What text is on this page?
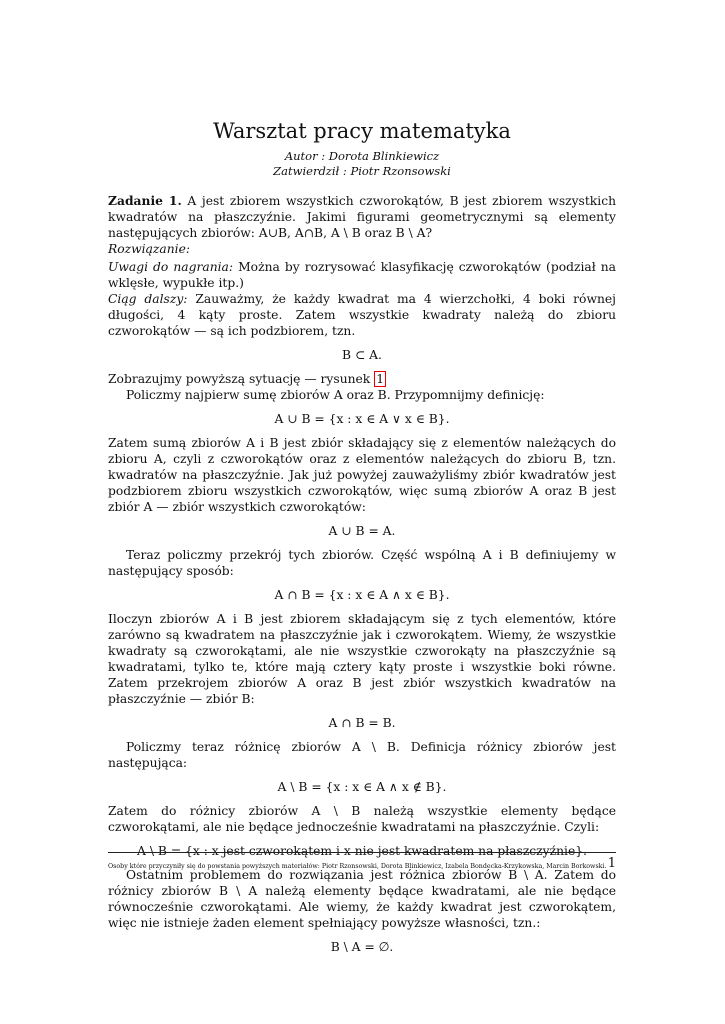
Warsztat pracy matematyka
Autor : Dorota Blinkiewicz
Zatwierdził : Piotr Rzonsowski

Zadanie 1. A jest zbiorem wszystkich czworokątów, B jest zbiorem wszystkich kwadratów na płaszczyźnie. Jakimi figurami geometrycznymi są elementy następujących zbiorów: A∪B, A∩B, A \ B oraz B \ A?

Rozwiązanie:

Uwagi do nagrania: Można by rozrysować klasyfikację czworokątów (podział na wklęsłe, wypukłe itp.)

Ciąg dalszy: Zauważmy, że każdy kwadrat ma 4 wierzchołki, 4 boki równej długości, 4 kąty proste. Zatem wszystkie kwadraty należą do zbioru czworokątów — są ich podzbiorem, tzn.

B ⊂ A.

Zobrazujmy powyższą sytuację — rysunek 1

Policzmy najpierw sumę zbiorów A oraz B. Przypomnijmy definicję:

A ∪ B = {x : x ∈ A ∨ x ∈ B}.

Zatem sumą zbiorów A i B jest zbiór składający się z elementów należących do zbioru A, czyli z czworokątów oraz z elementów należących do zbioru B, tzn. kwadratów na płaszczyźnie. Jak już powyżej zauważyliśmy zbiór kwadratów jest podzbiorem zbioru wszystkich czworokątów, więc sumą zbiorów A oraz B jest zbiór A — zbiór wszystkich czworokątów:

A ∪ B = A.

Teraz policzmy przekrój tych zbiorów. Część wspólną A i B definiujemy w następujący sposób:

A ∩ B = {x : x ∈ A ∧ x ∈ B}.

Iloczyn zbiorów A i B jest zbiorem składającym się z tych elementów, które zarówno są kwadratem na płaszczyźnie jak i czworokątem. Wiemy, że wszystkie kwadraty są czworokątami, ale nie wszystkie czworokąty na płaszczyźnie są kwadratami, tylko te, które mają cztery kąty proste i wszystkie boki równe. Zatem przekrojem zbiorów A oraz B jest zbiór wszystkich kwadratów na płaszczyźnie — zbiór B:

A ∩ B = B.

Policzmy teraz różnicę zbiorów A \ B. Definicja różnicy zbiorów jest następująca:

A \ B = {x : x ∈ A ∧ x ∉ B}.

Zatem do różnicy zbiorów A \ B należą wszystkie elementy będące czworokątami, ale nie będące jednocześnie kwadratami na płaszczyźnie. Czyli:

A \ B = {x : x jest czworokątem i x nie jest kwadratem na płaszczyźnie}.

Ostatnim problemem do rozwiązania jest różnica zbiorów B \ A. Zatem do różnicy zbiorów B \ A należą elementy będące kwadratami, ale nie będące równocześnie czworokątami. Ale wiemy, że każdy kwadrat jest czworokątem, więc nie istnieje żaden element spełniający powyższe własności, tzn.:

B \ A = ∅.

Osoby które przyczyniły się do powstania powyższych materiałów: Piotr Rzonsowski, Dorota Blinkiewicz, Izabela Bondecka-Krzykowska, Marcin Borkowski. 1
